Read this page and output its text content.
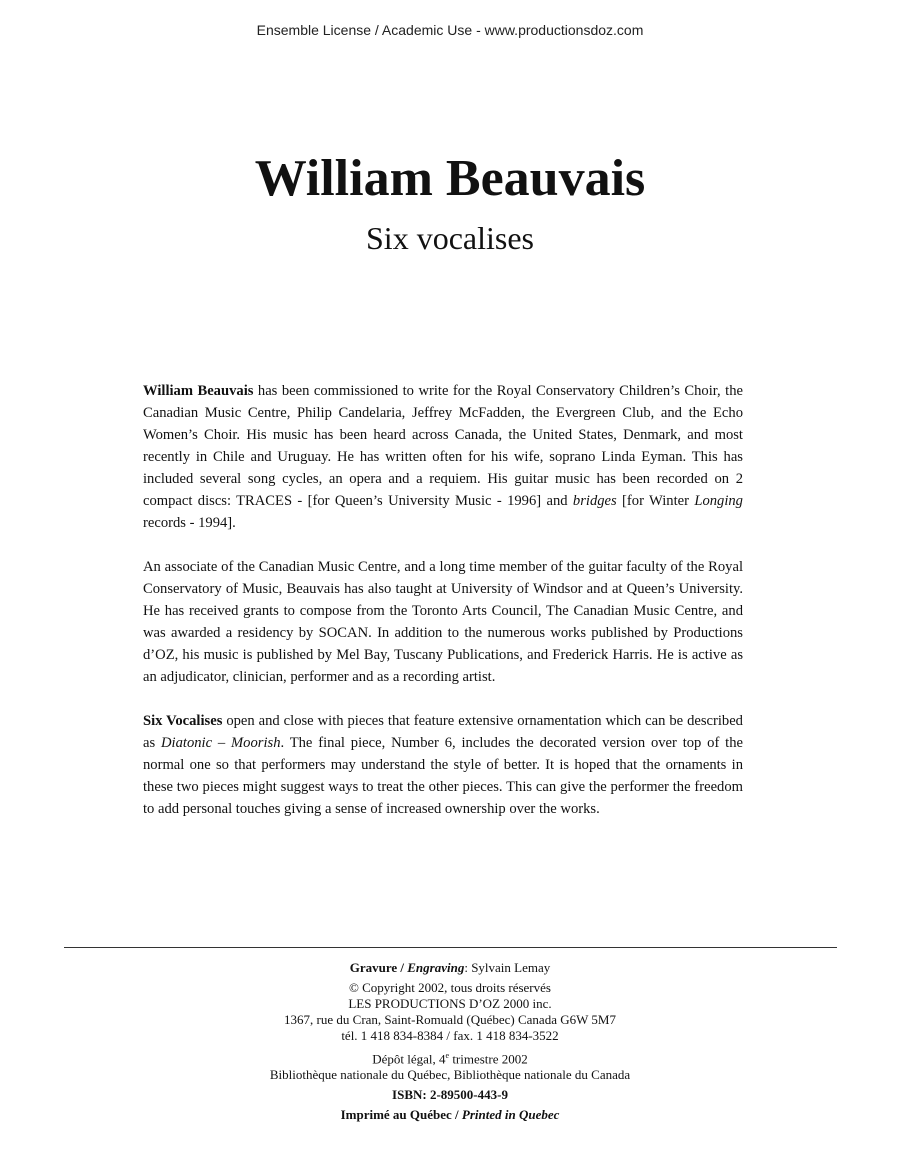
Ensemble License / Academic Use - www.productionsdoz.com
William Beauvais
Six vocalises

William Beauvais has been commissioned to write for the Royal Conservatory Children’s Choir, the Canadian Music Centre, Philip Candelaria, Jeffrey McFadden, the Evergreen Club, and the Echo Women’s Choir. His music has been heard across Canada, the United States, Denmark, and most recently in Chile and Uruguay. He has written often for his wife, soprano Linda Eyman. This has included several song cycles, an opera and a requiem. His guitar music has been recorded on 2 compact discs: TRACES - [for Queen’s University Music - 1996] and bridges [for Winter Longing records - 1994].

An associate of the Canadian Music Centre, and a long time member of the guitar faculty of the Royal Conservatory of Music, Beauvais has also taught at University of Windsor and at Queen’s University. He has received grants to compose from the Toronto Arts Council, The Canadian Music Centre, and was awarded a residency by SOCAN. In addition to the numerous works published by Productions d’OZ, his music is published by Mel Bay, Tuscany Publications, and Frederick Harris. He is active as an adjudicator, clinician, performer and as a recording artist.

Six Vocalises open and close with pieces that feature extensive ornamentation which can be described as Diatonic – Moorish. The final piece, Number 6, includes the decorated version over top of the normal one so that performers may understand the style of better. It is hoped that the ornaments in these two pieces might suggest ways to treat the other pieces. This can give the performer the freedom to add personal touches giving a sense of increased ownership over the works.

Gravure / Engraving: Sylvain Lemay
© Copyright 2002, tous droits réservés
LES PRODUCTIONS D’OZ 2000 inc.
1367, rue du Cran, Saint-Romuald (Québec) Canada G6W 5M7
tél. 1 418 834-8384 / fax. 1 418 834-3522
Dépôt légal, 4e trimestre 2002
Bibliothèque nationale du Québec, Bibliothèque nationale du Canada
ISBN: 2-89500-443-9
Imprimé au Québec / Printed in Quebec
